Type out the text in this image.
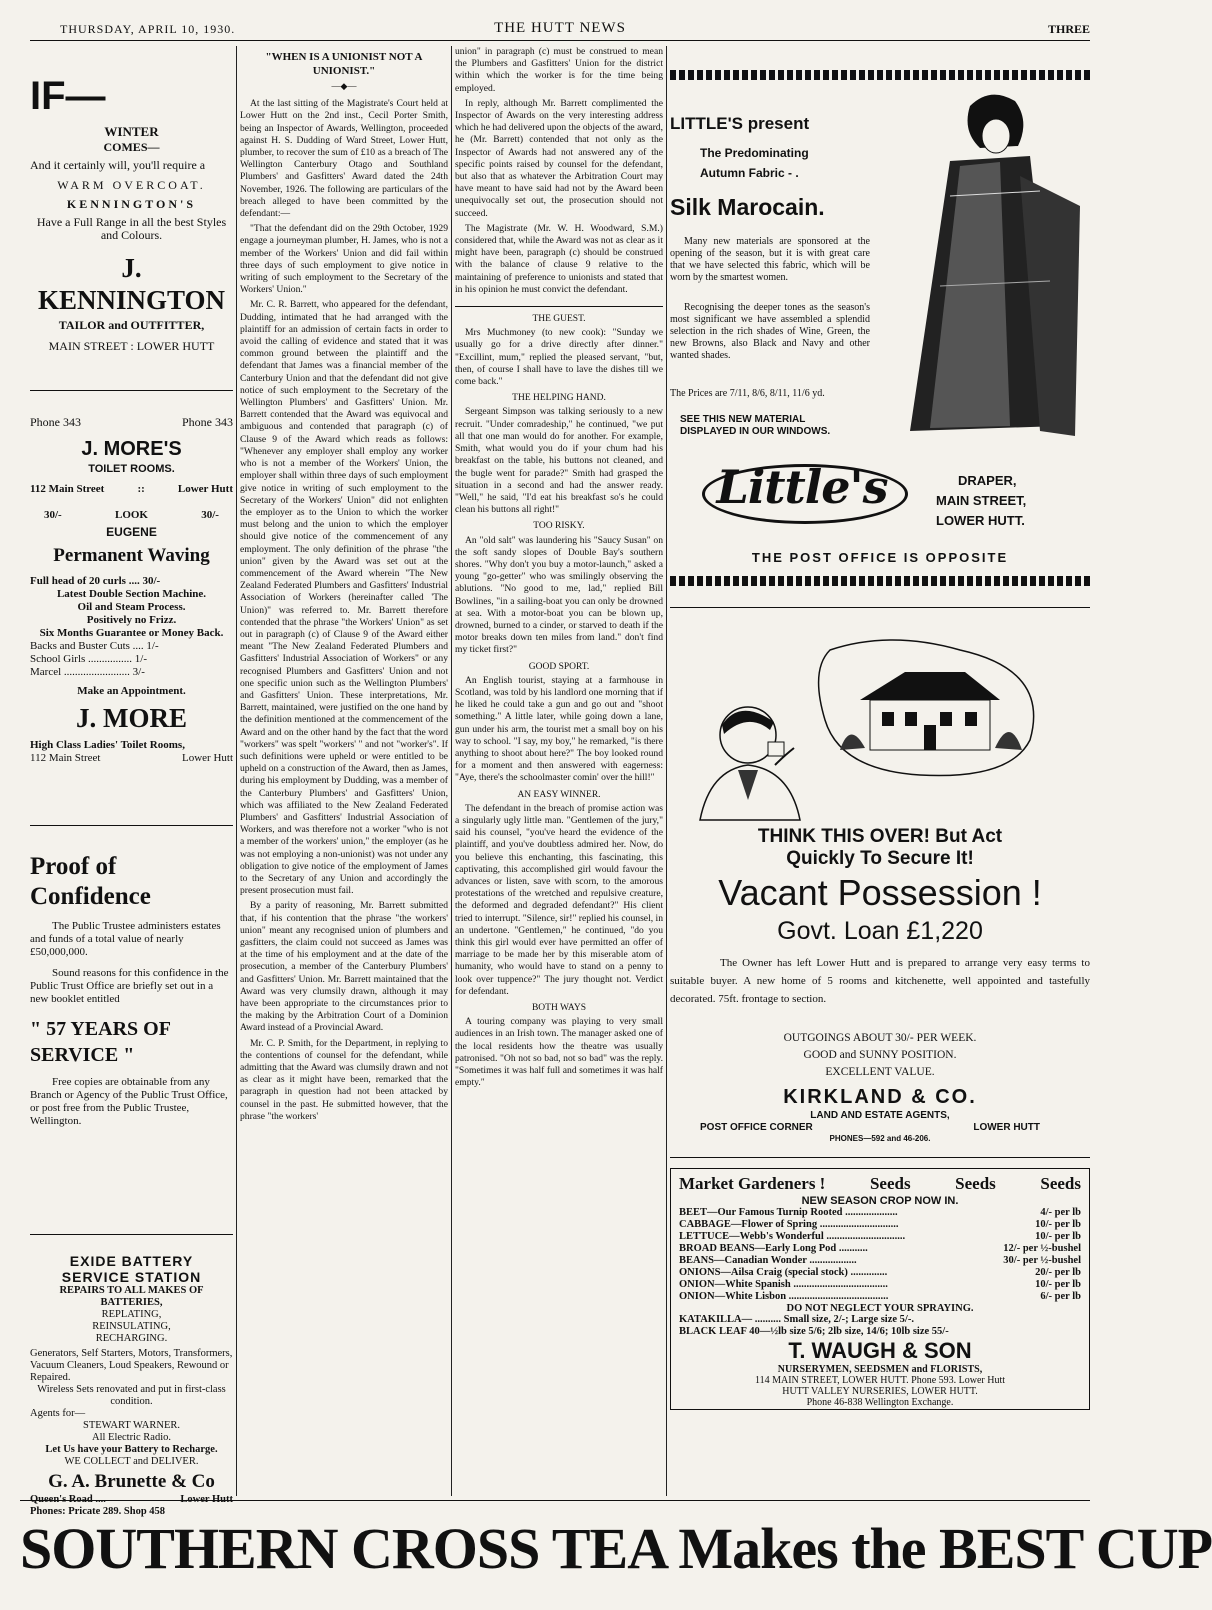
THURSDAY, APRIL 10, 1930.	THE HUTT NEWS	THREE
IF—
WINTER
COMES—
And it certainly will, you'll require a
WARM OVERCOAT.
KENNINGTON'S
Have a Full Range in all the best Styles and Colours.
J. KENNINGTON
TAILOR and OUTFITTER,
MAIN STREET : LOWER HUTT
Phone 343	Phone 343
J. MORE'S
TOILET ROOMS.
112 Main Street	::	Lower Hutt
30/-	LOOK	30/-
EUGENE
Permanent Waving
Full head of 20 curls .... 30/-
Latest Double Section Machine.
Oil and Steam Process.
Positively no Frizz.
Six Months Guarantee or Money Back.
Backs and Buster Cuts .... 1/-
School Girls ................ 1/-
Marcel ........................ 3/-
Make an Appointment.
J. MORE
High Class Ladies' Toilet Rooms,
112 Main Street	Lower Hutt
Proof of
Confidence
The Public Trustee administers estates and funds of a total value of nearly £50,000,000.
Sound reasons for this confidence in the Public Trust Office are briefly set out in a new booklet entitled
" 57 YEARS OF SERVICE "
Free copies are obtainable from any Branch or Agency of the Public Trust Office, or post free from the Public Trustee, Wellington.
EXIDE BATTERY
SERVICE STATION
REPAIRS TO ALL MAKES OF
BATTERIES,
REPLATING,
REINSULATING,
RECHARGING.
Generators, Self Starters, Motors, Transformers, Vacuum Cleaners, Loud Speakers, Rewound or Repaired.
Wireless Sets renovated and put in first-class condition.
Agents for—
STEWART WARNER.
All Electric Radio.
Let Us have your Battery to Recharge.
WE COLLECT and DELIVER.
G. A. Brunette & Co
Queen's Road ....	Lower Hutt
Phones: Pricate 289. Shop 458
"WHEN IS A UNIONIST NOT A UNIONIST."
—◆—

At the last sitting of the Magistrate's Court held at Lower Hutt on the 2nd inst., Cecil Porter Smith, being an Inspector of Awards, Wellington, proceeded against H. S. Dudding of Ward Street, Lower Hutt, plumber, to recover the sum of £10 as a breach of The Wellington Canterbury Otago and Southland Plumbers' and Gasfitters' Award dated the 24th November, 1926. The following are particulars of the breach alleged to have been committed by the defendant:—

"That the defendant did on the 29th October, 1929 engage a journeyman plumber, H. James, who is not a member of the Workers' Union and did fail within three days of such employment to give notice in writing of such employment to the Secretary of the Workers' Union."

Mr. C. R. Barrett, who appeared for the defendant, Dudding, intimated that he had arranged with the plaintiff for an admission of certain facts in order to avoid the calling of evidence and stated that it was common ground between the plaintiff and the defendant that James was a financial member of the Canterbury Union and that the defendant did not give notice of such employment to the Secretary of the Wellington Plumbers' and Gasfitters' Union. Mr. Barrett contended that the Award was equivocal and ambiguous and contended that paragraph (c) of Clause 9 of the Award which reads as follows: "Whenever any employer shall employ any worker who is not a member of the Workers' Union, the employer shall within three days of such employment give notice in writing of such employment to the Secretary of the Workers' Union" did not enlighten the employer as to the Union to which the worker must belong and the union to which the employer should give notice of the commencement of any employment. The only definition of the phrase "the union" given by the Award was set out at the commencement of the Award wherein "The New Zealand Federated Plumbers and Gasfitters' Industrial Association of Workers (hereinafter called 'The Union)" was referred to. Mr. Barrett therefore contended that the phrase "the Workers' Union" as set out in paragraph (c) of Clause 9 of the Award either meant "The New Zealand Federated Plumbers and Gasfitters' Industrial Association of Workers" or any recognised Plumbers and Gasfitters' Union and not one specific union such as the Wellington Plumbers' and Gasfitters' Union. These interpretations, Mr. Barrett, maintained, were justified on the one hand by the definition mentioned at the commencement of the Award and on the other hand by the fact that the word "workers" was spelt "workers' " and not "worker's". If such definitions were upheld or were entitled to be upheld on a construction of the Award, then as James, during his employment by Dudding, was a member of the Canterbury Plumbers' and Gasfitters' Union, which was affiliated to the New Zealand Federated Plumbers' and Gasfitters' Industrial Association of Workers, and was therefore not a worker "who is not a member of the workers' union," the employer (as he was not employing a non-unionist) was not under any obligation to give notice of the employment of James to the Secretary of any Union and accordingly the present prosecution must fail.

By a parity of reasoning, Mr. Barrett submitted that, if his contention that the phrase "the workers' union" meant any recognised union of plumbers and gasfitters, the claim could not succeed as James was at the time of his employment and at the date of the prosecution, a member of the Canterbury Plumbers' and Gasfitters' Union. Mr. Barrett maintained that the Award was very clumsily drawn, although it may have been appropriate to the circumstances prior to the making by the Arbitration Court of a Dominion Award instead of a Provincial Award.

Mr. C. P. Smith, for the Department, in replying to the contentions of counsel for the defendant, while admitting that the Award was clumsily drawn and not as clear as it might have been, remarked that the paragraph in question had not been attacked by counsel in the past. He submitted however, that the phrase "the workers'

union" in paragraph (c) must be construed to mean the Plumbers and Gasfitters' Union for the district within which the worker is for the time being employed.

In reply, although Mr. Barrett complimented the Inspector of Awards on the very interesting address which he had delivered upon the objects of the award, he (Mr. Barrett) contended that not only as the Inspector of Awards had not answered any of the specific points raised by counsel for the defendant, but also that as whatever the Arbitration Court may have meant to have said had not by the Award been unequivocally set out, the prosecution should not succeed.

The Magistrate (Mr. W. H. Woodward, S.M.) considered that, while the Award was not as clear as it might have been, paragraph (c) should be construed with the balance of clause 9 relative to the maintaining of preference to unionists and stated that in his opinion he must convict the defendant.

THE GUEST.

Mrs Muchmoney (to new cook): "Sunday we usually go for a drive directly after dinner." "Excillint, mum," replied the pleased servant, "but, then, of course I shall have to lave the dishes till we come back."

THE HELPING HAND.

Sergeant Simpson was talking seriously to a new recruit. "Under comradeship," he continued, "we put all that one man would do for another. For example, Smith, what would you do if your chum had his breakfast on the table, his buttons not cleaned, and the bugle went for parade?" Smith had grasped the situation in a second and had the answer ready. "Well," he said, "I'd eat his breakfast so's he could clean his buttons all right!"

TOO RISKY.

An "old salt" was laundering his "Saucy Susan" on the soft sandy slopes of Double Bay's southern shores. "Why don't you buy a motor-launch," asked a young "go-getter" who was smilingly observing the ablutions. "No good to me, lad," replied Bill Bowlines, "in a sailing-boat you can only be drowned at sea. With a motor-boat you can be blown up, drowned, burned to a cinder, or starved to death if the motor breaks down ten miles from land." don't find my ticket first?"

GOOD SPORT.

An English tourist, staying at a farmhouse in Scotland, was told by his landlord one morning that if he liked he could take a gun and go out and "shoot something." A little later, while going down a lane, gun under his arm, the tourist met a small boy on his way to school. "I say, my boy," he remarked, "is there anything to shoot about here?" The boy looked round for a moment and then answered with eagerness: "Aye, there's the schoolmaster comin' over the hill!"

AN EASY WINNER.

The defendant in the breach of promise action was a singularly ugly little man. "Gentlemen of the jury," said his counsel, "you've heard the evidence of the plaintiff, and you've doubtless admired her. Now, do you believe this enchanting, this fascinating, this captivating, this accomplished girl would favour the advances or listen, save with scorn, to the amorous protestations of the wretched and repulsive creature, the deformed and degraded defendant?" His client tried to interrupt. "Silence, sir!" replied his counsel, in an undertone. "Gentlemen," he continued, "do you think this girl would ever have permitted an offer of marriage to be made her by this miserable atom of humanity, who would have to stand on a penny to look over tuppence?" The jury thought not. Verdict for defendant.

BOTH WAYS

A touring company was playing to very small audiences in an Irish town. The manager asked one of the local residents how the theatre was usually patronised. "Oh not so bad, not so bad" was the reply. "Sometimes it was half full and sometimes it was half empty."

LITTLE'S present
The Predominating
Autumn Fabric - .
Silk Marocain.
Many new materials are sponsored at the opening of the season, but it is with great care that we have selected this fabric, which will be worn by the smartest women.
Recognising the deeper tones as the season's most significant we have assembled a splendid selection in the rich shades of Wine, Green, the new Browns, also Black and Navy and other wanted shades.
The Prices are 7/11, 8/6, 8/11, 11/6 yd.
SEE THIS NEW MATERIAL
DISPLAYED IN OUR WINDOWS.
Little's	DRAPER,
MAIN STREET,
LOWER HUTT.
THE POST OFFICE IS OPPOSITE
THINK THIS OVER! But Act
Quickly To Secure It!
Vacant Possession !
Govt. Loan £1,220
The Owner has left Lower Hutt and is prepared to arrange very easy terms to suitable buyer. A new home of 5 rooms and kitchenette, well appointed and tastefully decorated. 75ft. frontage to section.
OUTGOINGS ABOUT 30/- PER WEEK.
GOOD and SUNNY POSITION.
EXCELLENT VALUE.
KIRKLAND & CO.
LAND AND ESTATE AGENTS,
POST OFFICE CORNER	LOWER HUTT
PHONES—592 and 46-206.
Market Gardeners !	Seeds	Seeds	Seeds
NEW SEASON CROP NOW IN.
BEET—Our Famous Turnip Rooted ....................	4/- per lb
CABBAGE—Flower of Spring ..............................	10/- per lb
LETTUCE—Webb's Wonderful ..............................	10/- per lb
BROAD BEANS—Early Long Pod ...........	12/- per ½-bushel
BEANS—Canadian Wonder ..................	30/- per ½-bushel
ONIONS—Ailsa Craig (special stock) ..............	20/- per lb
ONION—White Spanish ....................................	10/- per lb
ONION—White Lisbon ......................................	6/- per lb
DO NOT NEGLECT YOUR SPRAYING.
KATAKILLA— .......... Small size, 2/-; Large size 5/-.
BLACK LEAF 40—½lb size 5/6; 2lb size, 14/6; 10lb size 55/-
T. WAUGH & SON
NURSERYMEN, SEEDSMEN and FLORISTS,
114 MAIN STREET, LOWER HUTT. Phone 593. Lower Hutt
HUTT VALLEY NURSERIES, LOWER HUTT.
Phone 46-838 Wellington Exchange.
SOUTHERN CROSS TEA Makes the BEST CUP
